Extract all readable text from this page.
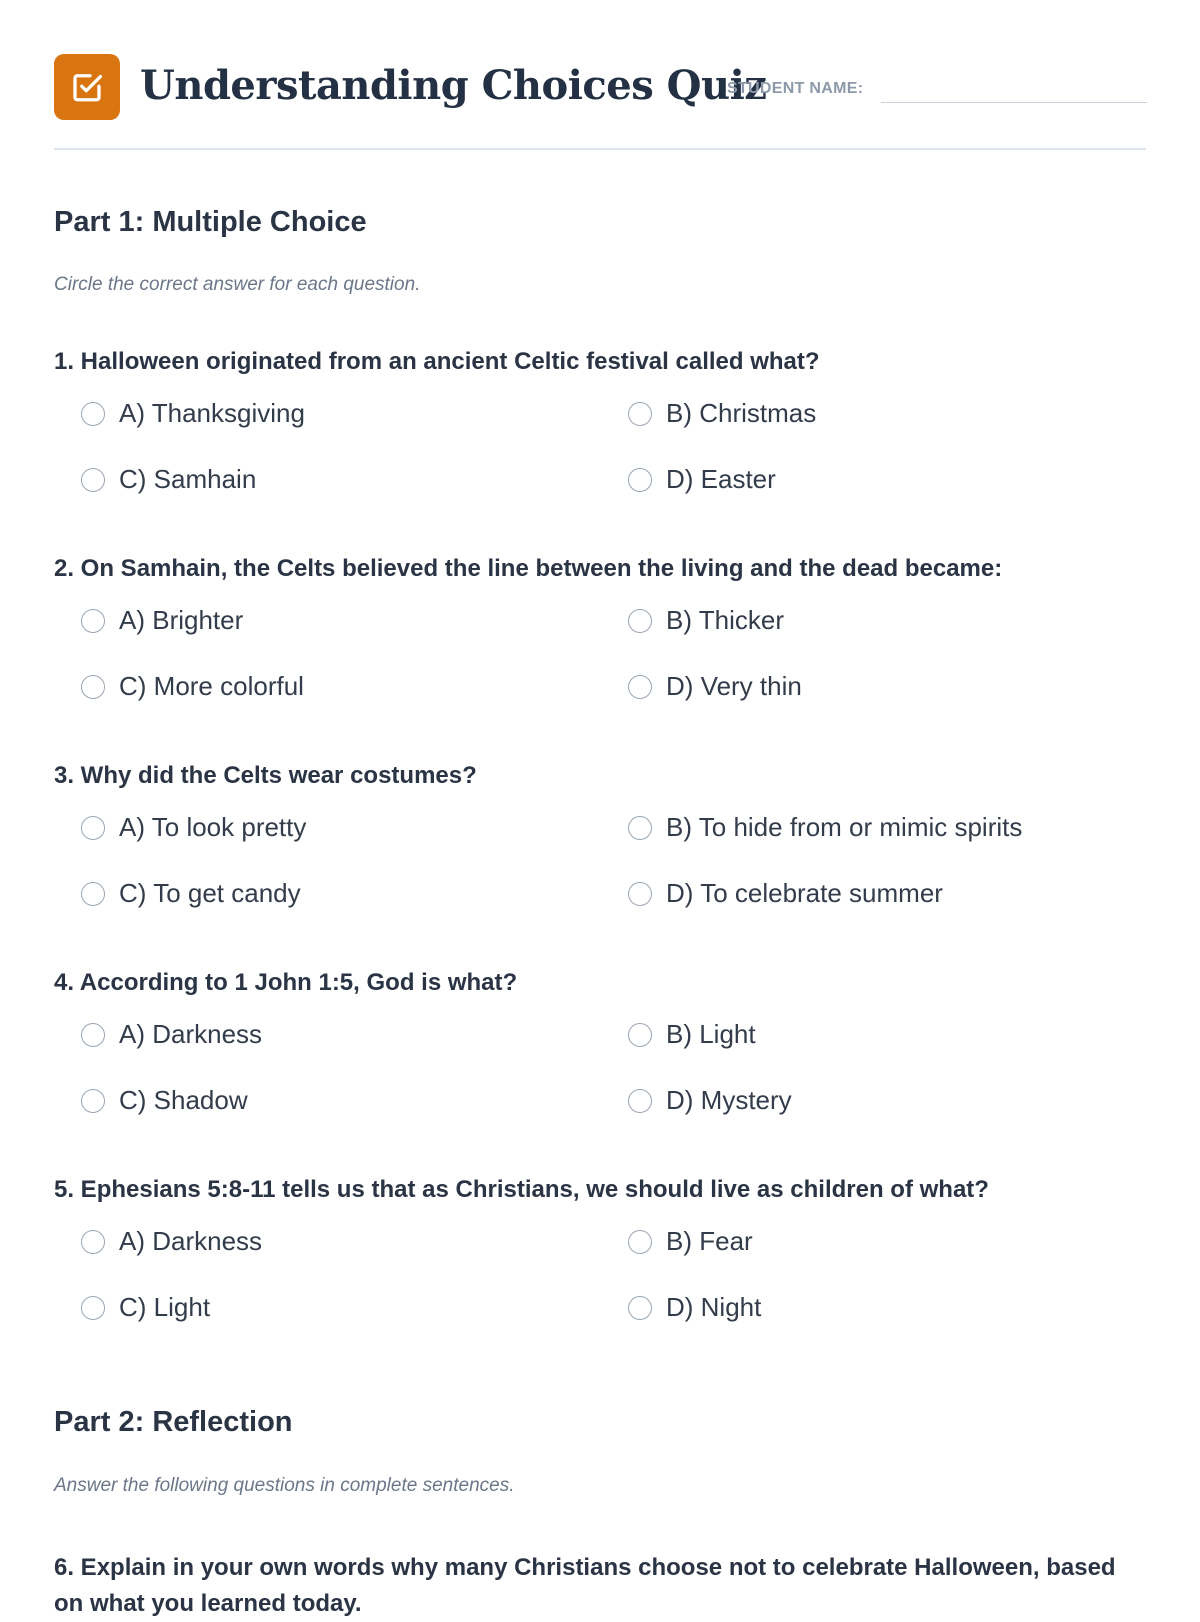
Understanding Choices Quiz
STUDENT NAME:
Part 1: Multiple Choice

Circle the correct answer for each question.

1. Halloween originated from an ancient Celtic festival called what?

A) Thanksgiving	B) Christmas
C) Samhain	D) Easter

2. On Samhain, the Celts believed the line between the living and the dead became:

A) Brighter	B) Thicker
C) More colorful	D) Very thin

3. Why did the Celts wear costumes?

A) To look pretty	B) To hide from or mimic spirits
C) To get candy	D) To celebrate summer

4. According to 1 John 1:5, God is what?

A) Darkness	B) Light
C) Shadow	D) Mystery

5. Ephesians 5:8-11 tells us that as Christians, we should live as children of what?

A) Darkness	B) Fear
C) Light	D) Night
Part 2: Reflection

Answer the following questions in complete sentences.

6. Explain in your own words why many Christians choose not to celebrate Halloween, based on what you learned today.
